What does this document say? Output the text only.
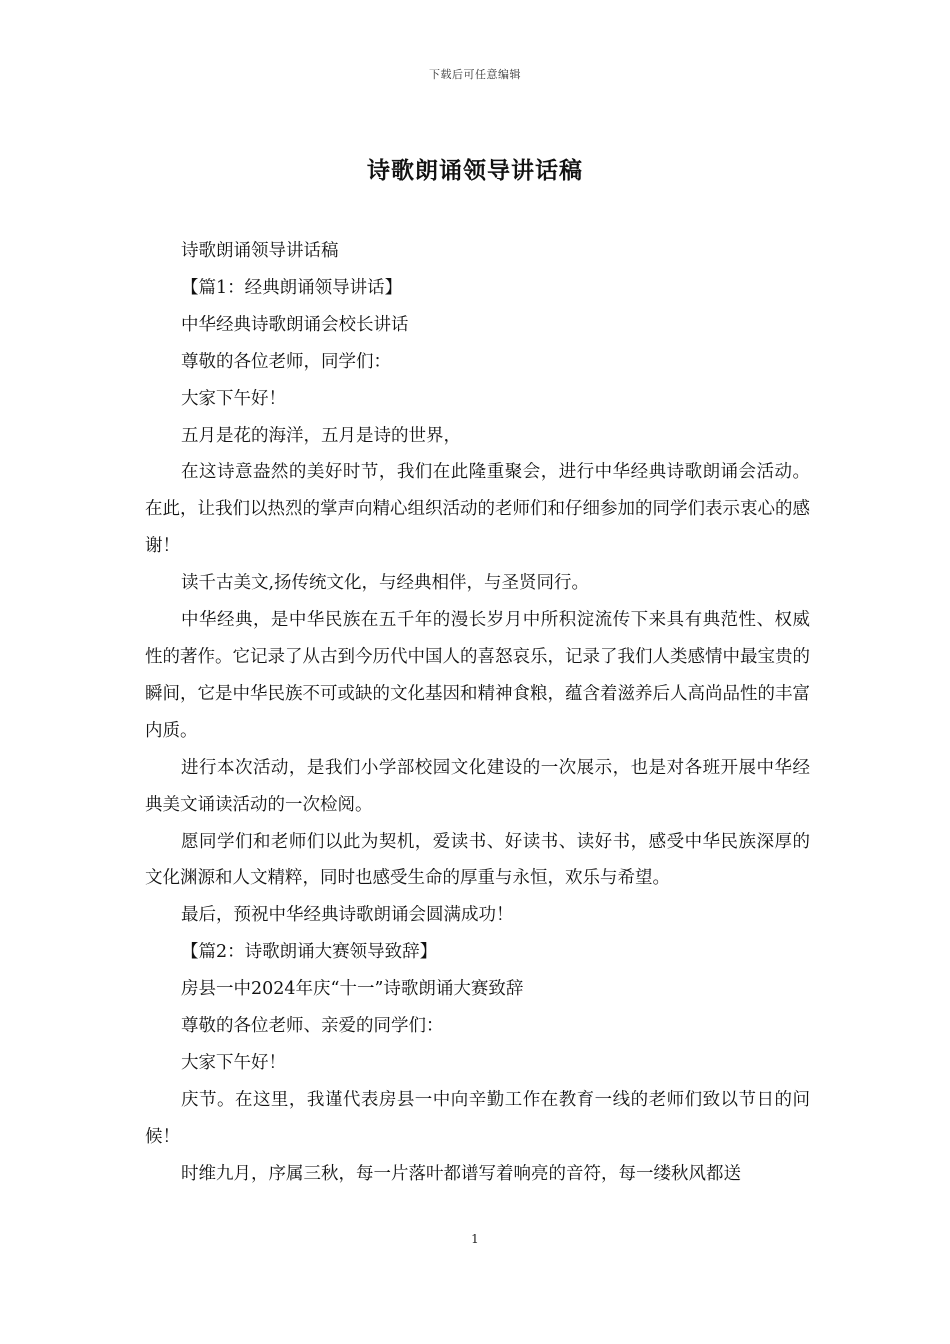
下载后可任意编辑
诗歌朗诵领导讲话稿

诗歌朗诵领导讲话稿

【篇1：经典朗诵领导讲话】

中华经典诗歌朗诵会校长讲话

尊敬的各位老师，同学们：

大家下午好！

五月是花的海洋，五月是诗的世界，

在这诗意盎然的美好时节，我们在此隆重聚会，进行中华经典诗歌朗诵会活动。在此，让我们以热烈的掌声向精心组织活动的老师们和仔细参加的同学们表示衷心的感谢！

读千古美文,扬传统文化，与经典相伴，与圣贤同行。

中华经典，是中华民族在五千年的漫长岁月中所积淀流传下来具有典范性、权威性的著作。它记录了从古到今历代中国人的喜怒哀乐，记录了我们人类感情中最宝贵的瞬间，它是中华民族不可或缺的文化基因和精神食粮，蕴含着滋养后人高尚品性的丰富内质。

进行本次活动，是我们小学部校园文化建设的一次展示，也是对各班开展中华经典美文诵读活动的一次检阅。

愿同学们和老师们以此为契机，爱读书、好读书、读好书，感受中华民族深厚的文化渊源和人文精粹，同时也感受生命的厚重与永恒，欢乐与希望。

最后，预祝中华经典诗歌朗诵会圆满成功！

【篇2：诗歌朗诵大赛领导致辞】

房县一中2024年庆“十一”诗歌朗诵大赛致辞

尊敬的各位老师、亲爱的同学们：

大家下午好！

庆节。在这里，我谨代表房县一中向辛勤工作在教育一线的老师们致以节日的问候！

时维九月，序属三秋，每一片落叶都谱写着响亮的音符，每一缕秋风都送

1
